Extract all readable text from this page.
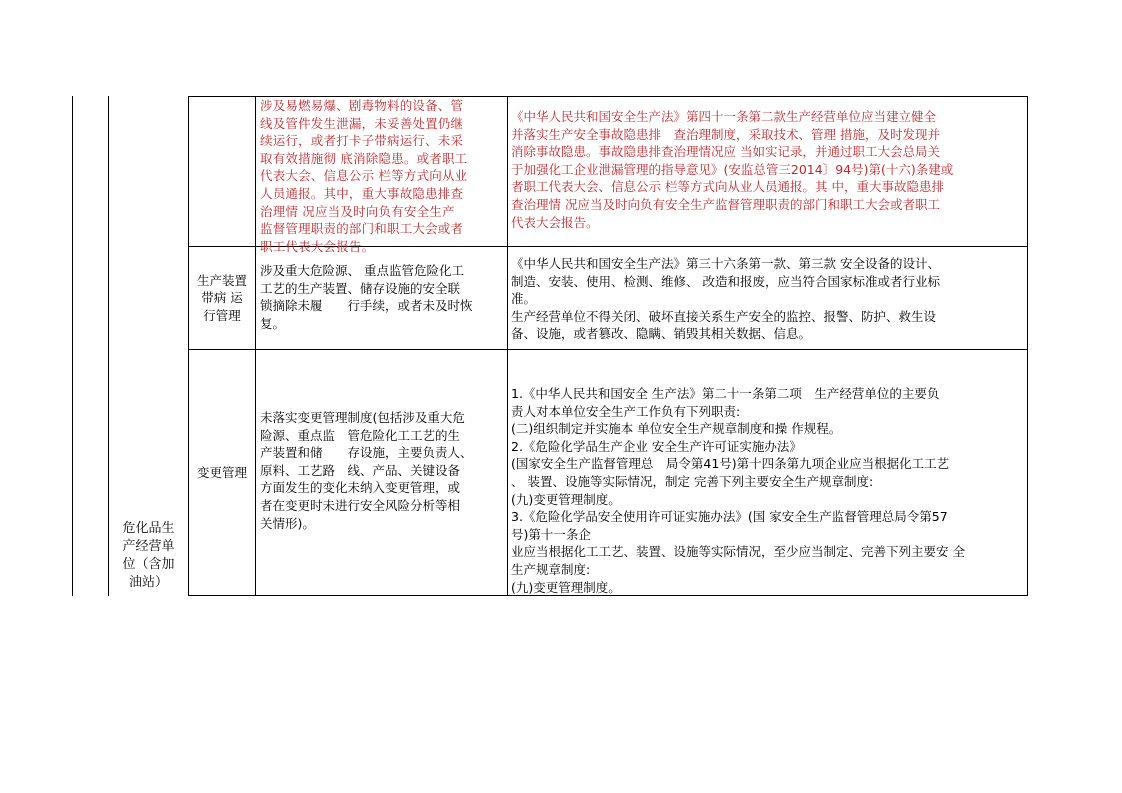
危化品生
产经营单
位（含加
油站）
涉及易燃易爆、剧毒物料的设备、管
线及管件发生泄漏，未妥善处置仍继
续运行，或者打卡子带病运行、未采
取有效措施彻 底消除隐患。或者职工
代表大会、信息公示 栏等方式向从业
人员通报。其中，重大事故隐患排查
治理情 况应当及时向负有安全生产
监督管理职责的部门和职工大会或者
职工代表大会报告。
《中华人民共和国安全生产法》第四十一条第二款生产经营单位应当建立健全
并落实生产安全事故隐患排　查治理制度，采取技术、管理 措施，及时发现并
消除事故隐患。事故隐患排查治理情况应 当如实记录，并通过职工大会总局关
于加强化工企业泄漏管理的指导意见》(安监总管三2014〕94号)第(十六)条建或
者职工代表大会、信息公示 栏等方式向从业人员通报。其 中，重大事故隐患排
查治理情 况应当及时向负有安全生产监督管理职责的部门和职工大会或者职工
代表大会报告。
生产装置
带病 运
行管理
涉及重大危险源、 重点监管危险化工
工艺的生产装置、储存设施的安全联
锁摘除未履　　行手续，或者未及时恢
复。
《中华人民共和国安全生产法》第三十六条第一款、第三款 安全设备的设计、
制造、安装、使用、检测、维修、 改造和报废，应当符合国家标准或者行业标
准。
生产经营单位不得关闭、破坏直接关系生产安全的监控、报警、防护、救生设
备、设施，或者篡改、隐瞒、销毁其相关数据、信息。
变更管理
未落实变更管理制度(包括涉及重大危
险源、重点监　管危险化工工艺的生
产装置和储　　存设施，主要负责人、
原料、工艺路　线、产品、关键设备
方面发生的变化未纳入变更管理，或
者在变更时未进行安全风险分析等相
关情形)。
1.《中华人民共和国安全 生产法》第二十一条第二项　生产经营单位的主要负
责人对本单位安全生产工作负有下列职责:
(二)组织制定并实施本 单位安全生产规章制度和操 作规程。
2.《危险化学品生产企业 安全生产许可证实施办法》
(国家安全生产监督管理总　局令第41号)第十四条第九项企业应当根据化工工艺
、 装置、设施等实际情况，制定 完善下列主要安全生产规章制度:
(九)变更管理制度。
3.《危险化学品安全使用许可证实施办法》(国 家安全生产监督管理总局令第57
号)第十一条企
业应当根据化工工艺、装置、设施等实际情况，至少应当制定、完善下列主要安 全
生产规章制度:
(九)变更管理制度。
